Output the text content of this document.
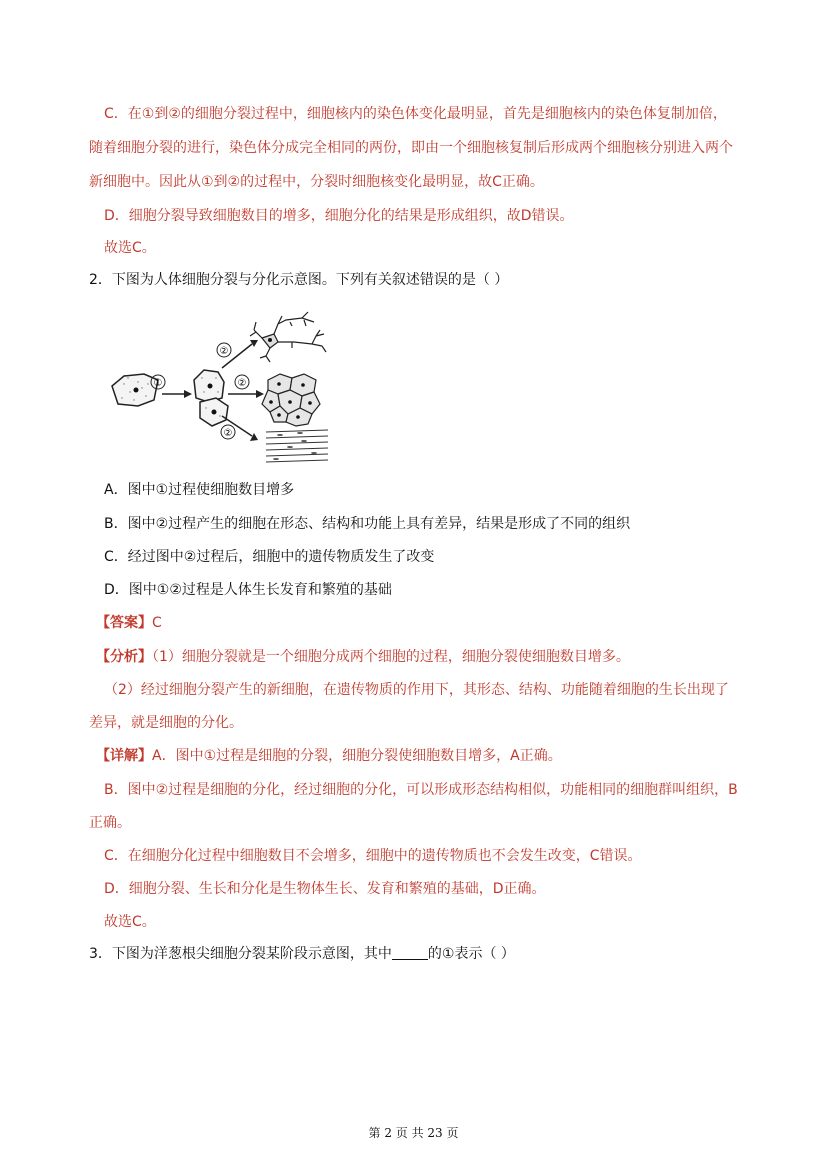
C．在①到②的细胞分裂过程中，细胞核内的染色体变化最明显，首先是细胞核内的染色体复制加倍，
随着细胞分裂的进行，染色体分成完全相同的两份，即由一个细胞核复制后形成两个细胞核分别进入两个
新细胞中。因此从①到②的过程中，分裂时细胞核变化最明显，故C正确。
D．细胞分裂导致细胞数目的增多，细胞分化的结果是形成组织，故D错误。
故选C。
2．下图为人体细胞分裂与分化示意图。下列有关叙述错误的是（ ）
①
②
②
②
A．图中①过程使细胞数目增多
B．图中②过程产生的细胞在形态、结构和功能上具有差异，结果是形成了不同的组织
C．经过图中②过程后，细胞中的遗传物质发生了改变
D．图中①②过程是人体生长发育和繁殖的基础
【答案】C
【分析】（1）细胞分裂就是一个细胞分成两个细胞的过程，细胞分裂使细胞数目增多。
（2）经过细胞分裂产生的新细胞，在遗传物质的作用下，其形态、结构、功能随着细胞的生长出现了
差异，就是细胞的分化。
【详解】A．图中①过程是细胞的分裂，细胞分裂使细胞数目增多，A正确。
B．图中②过程是细胞的分化，经过细胞的分化，可以形成形态结构相似，功能相同的细胞群叫组织，B
正确。
C．在细胞分化过程中细胞数目不会增多，细胞中的遗传物质也不会发生改变，C错误。
D．细胞分裂、生长和分化是生物体生长、发育和繁殖的基础，D正确。
故选C。
3．下图为洋葱根尖细胞分裂某阶段示意图，其中	的①表示（ ）
第 2 页 共 23 页
